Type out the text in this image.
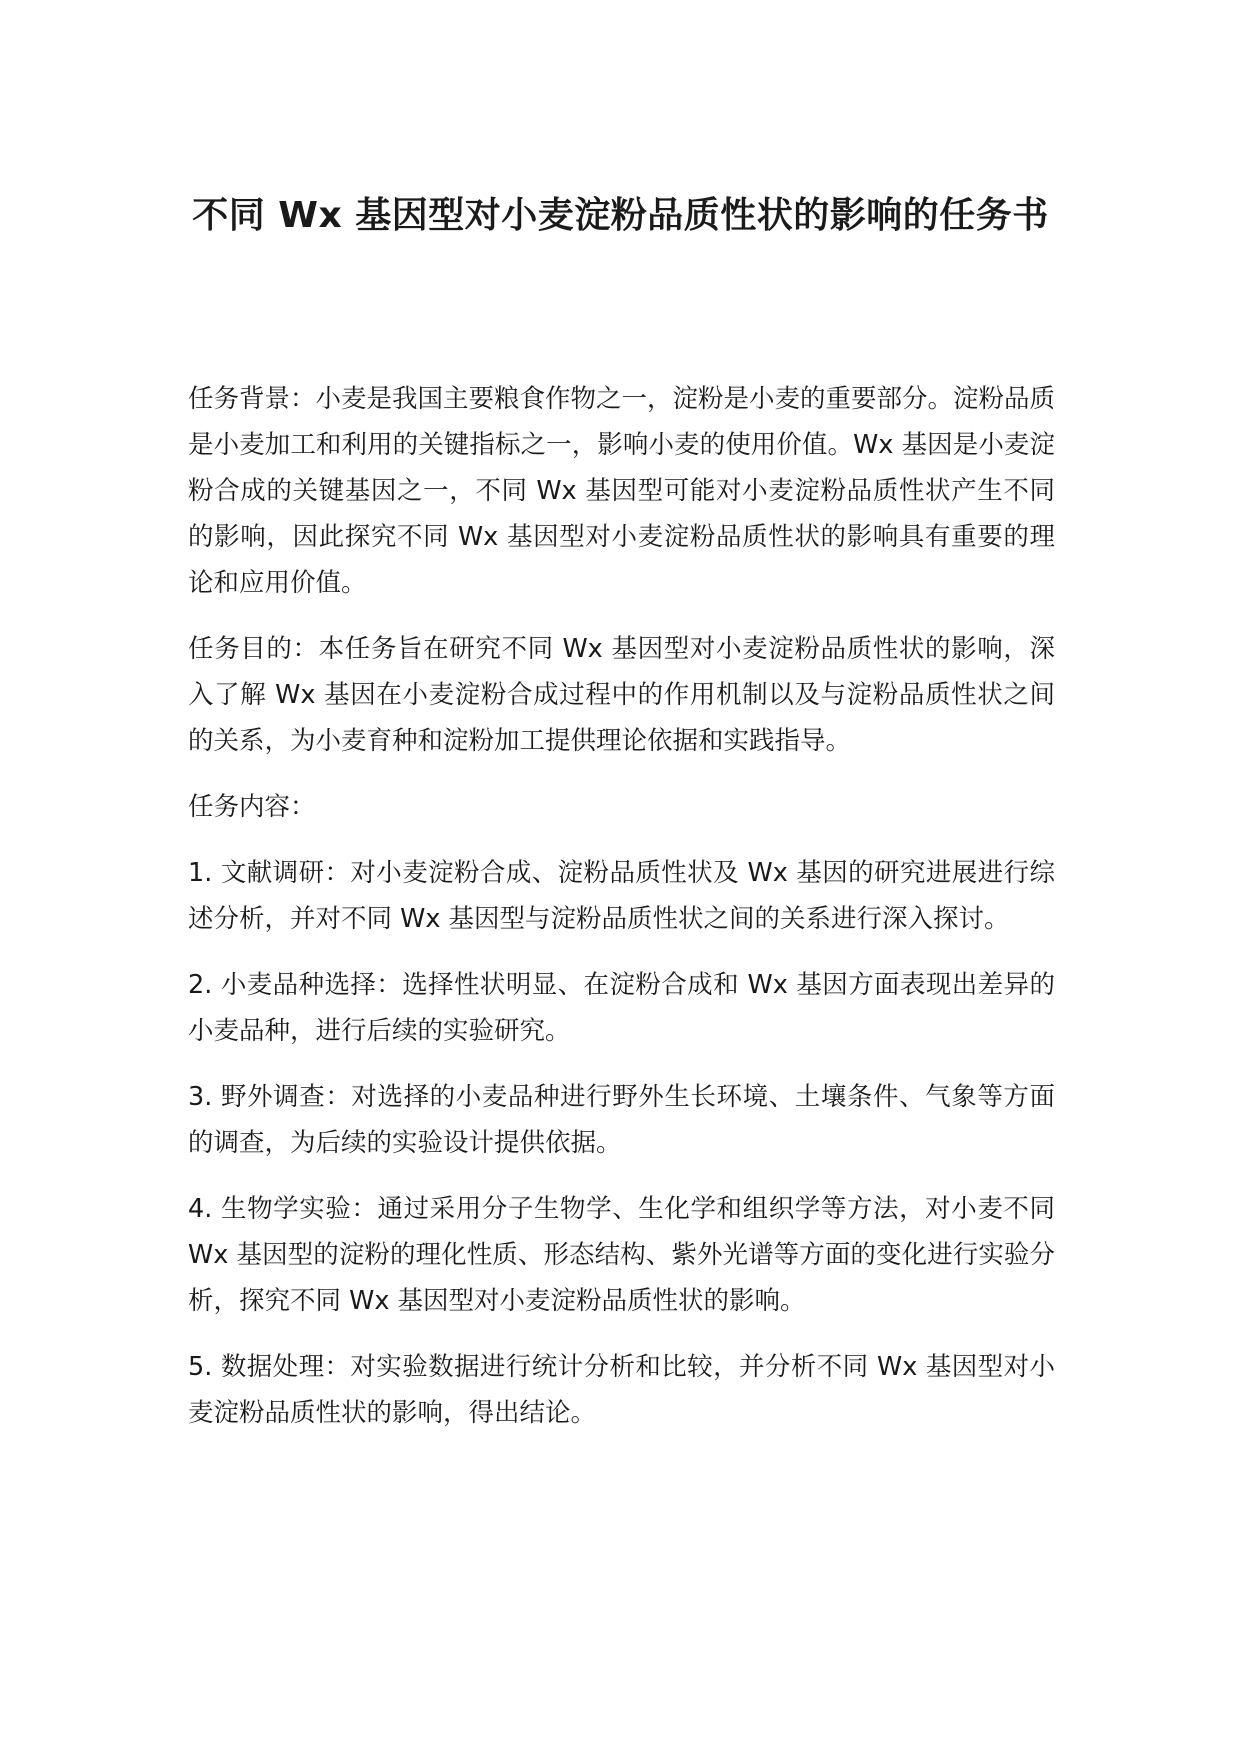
不同 Wx 基因型对小麦淀粉品质性状的影响的任务书

任务背景：小麦是我国主要粮食作物之一，淀粉是小麦的重要部分。淀粉品质是小麦加工和利用的关键指标之一，影响小麦的使用价值。Wx 基因是小麦淀粉合成的关键基因之一，不同 Wx 基因型可能对小麦淀粉品质性状产生不同的影响，因此探究不同 Wx 基因型对小麦淀粉品质性状的影响具有重要的理论和应用价值。

任务目的：本任务旨在研究不同 Wx 基因型对小麦淀粉品质性状的影响，深入了解 Wx 基因在小麦淀粉合成过程中的作用机制以及与淀粉品质性状之间的关系，为小麦育种和淀粉加工提供理论依据和实践指导。

任务内容：

1. 文献调研：对小麦淀粉合成、淀粉品质性状及 Wx 基因的研究进展进行综述分析，并对不同 Wx 基因型与淀粉品质性状之间的关系进行深入探讨。

2. 小麦品种选择：选择性状明显、在淀粉合成和 Wx 基因方面表现出差异的小麦品种，进行后续的实验研究。

3. 野外调查：对选择的小麦品种进行野外生长环境、土壤条件、气象等方面的调查，为后续的实验设计提供依据。

4. 生物学实验：通过采用分子生物学、生化学和组织学等方法，对小麦不同 Wx 基因型的淀粉的理化性质、形态结构、紫外光谱等方面的变化进行实验分析，探究不同 Wx 基因型对小麦淀粉品质性状的影响。

5. 数据处理：对实验数据进行统计分析和比较，并分析不同 Wx 基因型对小麦淀粉品质性状的影响，得出结论。
